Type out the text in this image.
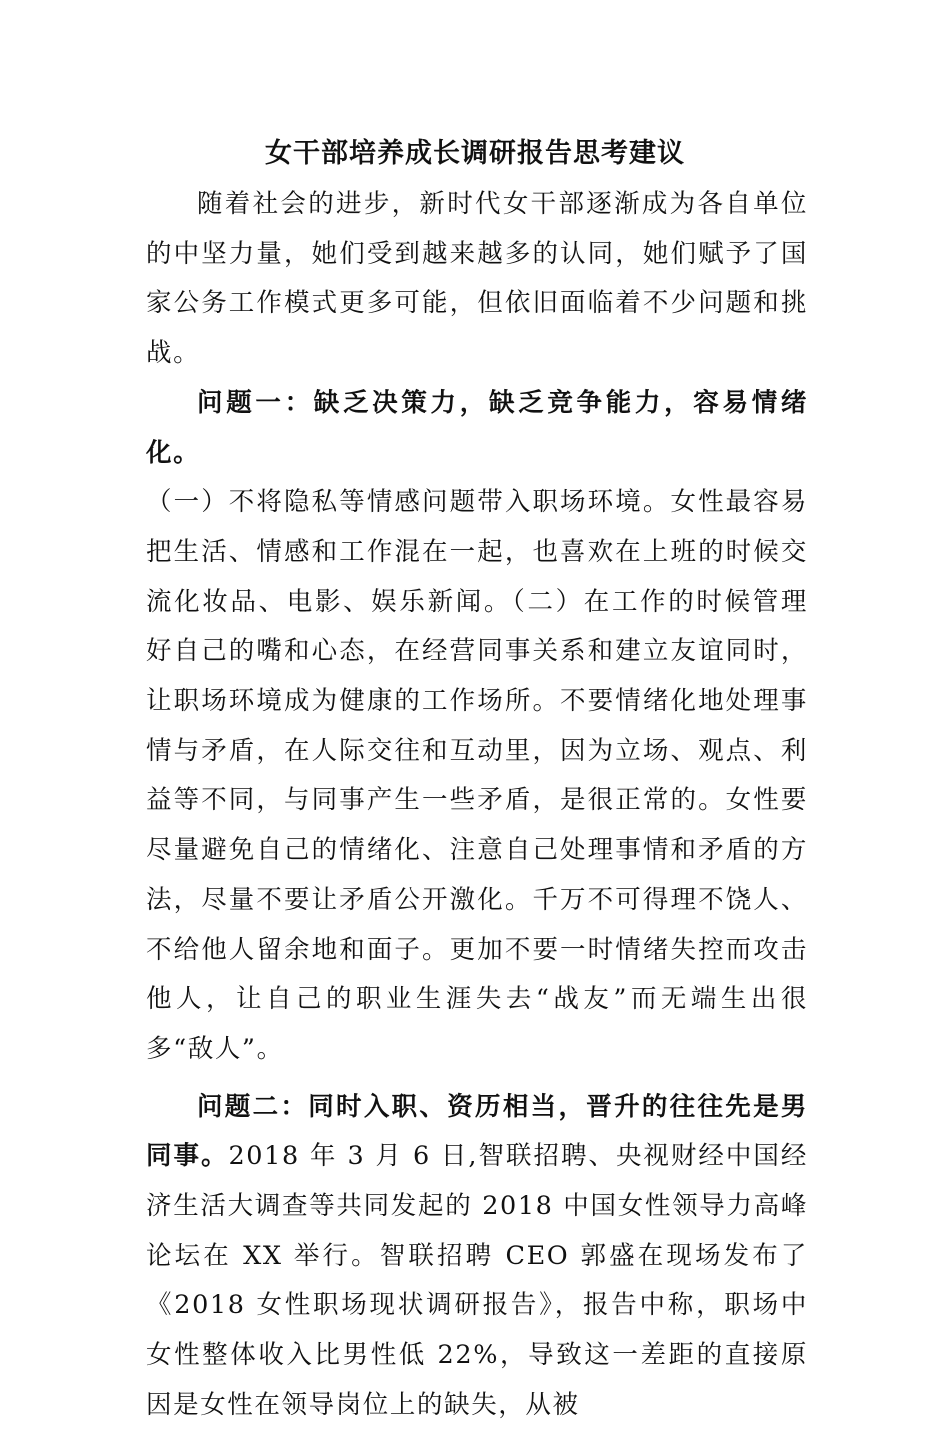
女干部培养成长调研报告思考建议

随着社会的进步，新时代女干部逐渐成为各自单位的中坚力量，她们受到越来越多的认同，她们赋予了国家公务工作模式更多可能，但依旧面临着不少问题和挑战。

问题一：缺乏决策力，缺乏竞争能力，容易情绪化。

（一）不将隐私等情感问题带入职场环境。女性最容易把生活、情感和工作混在一起，也喜欢在上班的时候交流化妆品、电影、娱乐新闻。（二）在工作的时候管理好自己的嘴和心态，在经营同事关系和建立友谊同时，让职场环境成为健康的工作场所。不要情绪化地处理事情与矛盾，在人际交往和互动里，因为立场、观点、利益等不同，与同事产生一些矛盾，是很正常的。女性要尽量避免自己的情绪化、注意自己处理事情和矛盾的方法，尽量不要让矛盾公开激化。千万不可得理不饶人、不给他人留余地和面子。更加不要一时情绪失控而攻击他人，让自己的职业生涯失去“战友”而无端生出很多“敌人”。

问题二：同时入职、资历相当，晋升的往往先是男同事。2018 年 3 月 6 日,智联招聘、央视财经中国经济生活大调查等共同发起的 2018 中国女性领导力高峰论坛在 XX 举行。智联招聘 CEO 郭盛在现场发布了《2018 女性职场现状调研报告》，报告中称，职场中女性整体收入比男性低 22%，导致这一差距的直接原因是女性在领导岗位上的缺失，从被
